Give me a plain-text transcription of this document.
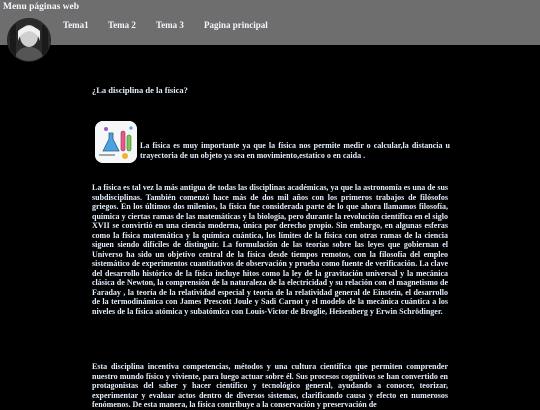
Menu páginas web
Tema1 Tema 2 Tema 3 Pagina principal
¿La disciplina de la física?
La física es muy importante ya que la física nos permite medir o calcular,la distancia u trayectoria de un objeto ya sea en movimiento,estatico o en caida .
La física es tal vez la más antigua de todas las disciplinas académicas, ya que la astronomía es una de sus subdisciplinas. También comenzó hace más de dos mil años con los primeros trabajos de filósofos griegos. En los últimos dos milenios, la física fue considerada parte de lo que ahora llamamos filosofía, química y ciertas ramas de las matemáticas y la biología, pero durante la revolución científica en el siglo XVII se convirtió en una ciencia moderna, única por derecho propio. Sin embargo, en algunas esferas como la física matemática y la química cuántica, los límites de la física con otras ramas de la ciencia siguen siendo difíciles de distinguir. La formulación de las teorías sobre las leyes que gobiernan el Universo ha sido un objetivo central de la física desde tiempos remotos, con la filosofía del empleo sistemático de experimentos cuantitativos de observación y prueba como fuente de verificación. La clave del desarrollo histórico de la física incluye hitos como la ley de la gravitación universal y la mecánica clásica de Newton, la comprensión de la naturaleza de la electricidad y su relación con el magnetismo de Faraday , la teoría de la relatividad especial y teoría de la relatividad general de Einstein, el desarrollo de la termodinámica con James Prescott Joule y Sadi Carnot y el modelo de la mecánica cuántica a los niveles de la física atómica y subatómica con Louis-Victor de Broglie, Heisenberg y Erwin Schrödinger.
Esta disciplina incentiva competencias, métodos y una cultura científica que permiten comprender nuestro mundo físico y viviente, para luego actuar sobre él. Sus procesos cognitivos se han convertido en protagonistas del saber y hacer científico y tecnológico general, ayudando a conocer, teorizar, experimentar y evaluar actos dentro de diversos sistemas, clarificando causa y efecto en numerosos fenómenos. De esta manera, la física contribuye a la conservación y preservación de
